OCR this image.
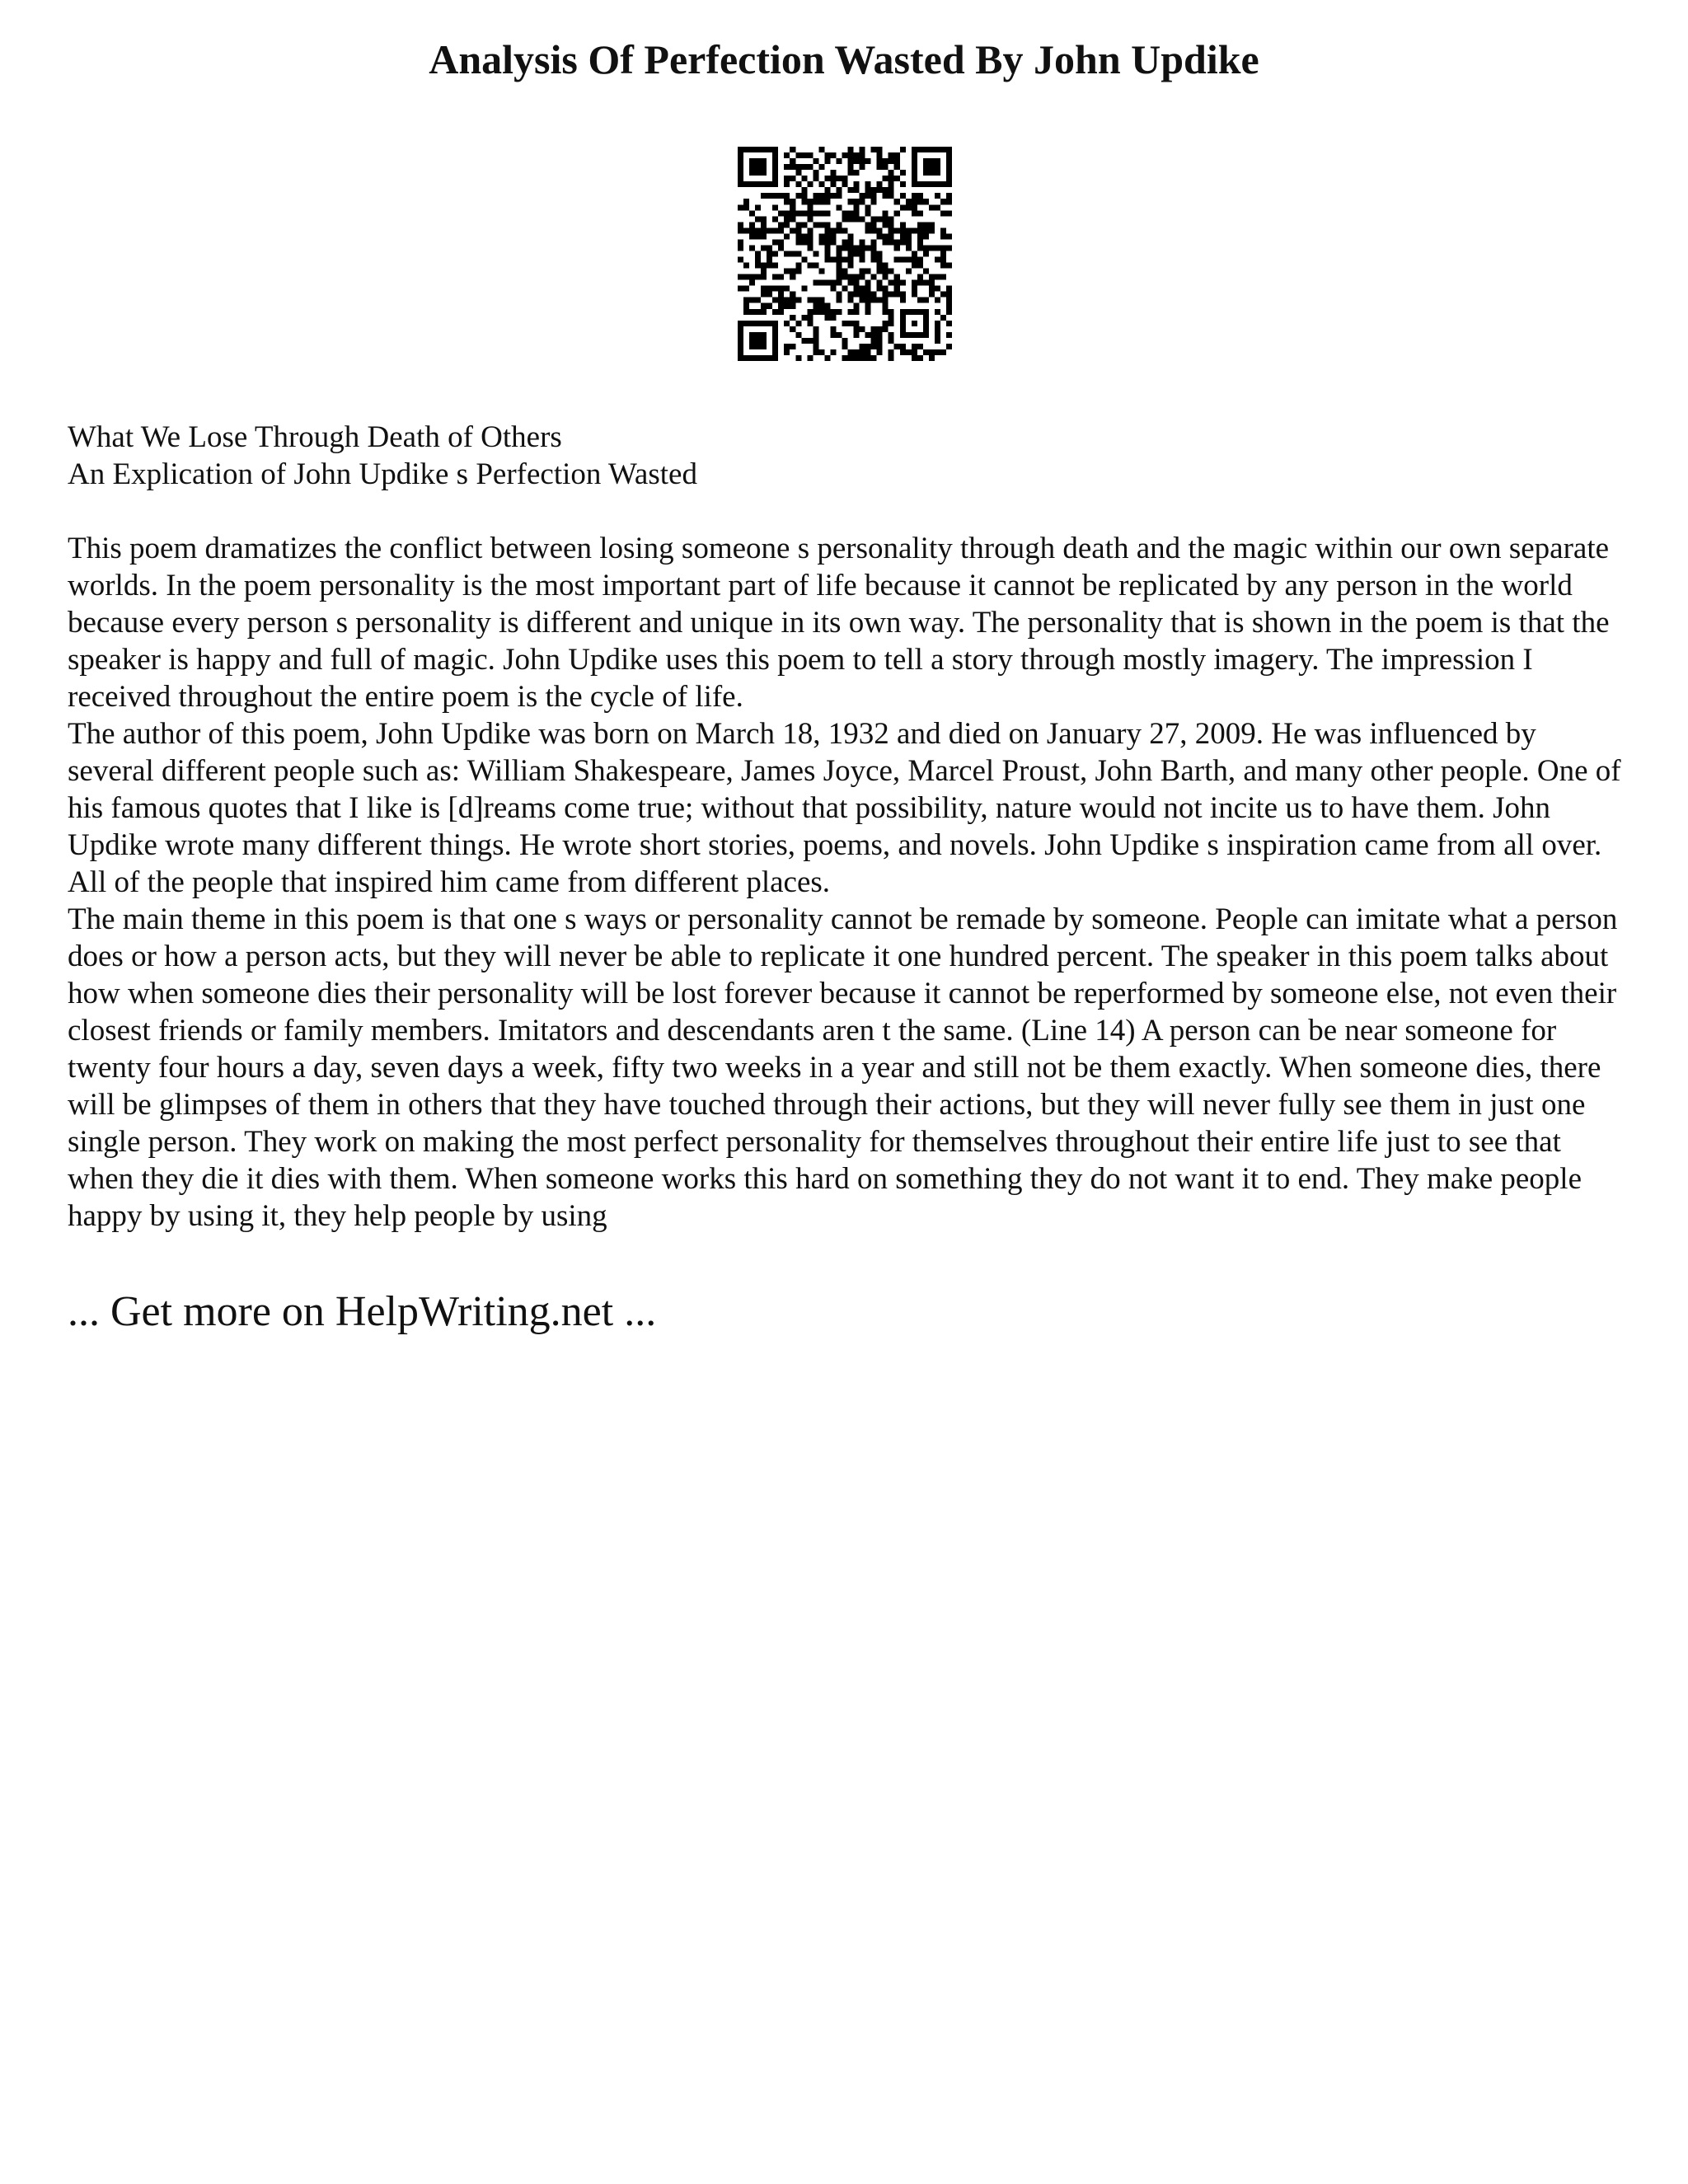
Analysis Of Perfection Wasted By John Updike
What We Lose Through Death of Others
An Explication of John Updike s Perfection Wasted

This poem dramatizes the conflict between losing someone s personality through death and the magic within our own separate worlds. In the poem personality is the most important part of life because it cannot be replicated by any person in the world because every person s personality is different and unique in its own way. The personality that is shown in the poem is that the speaker is happy and full of magic. John Updike uses this poem to tell a story through mostly imagery. The impression I received throughout the entire poem is the cycle of life.

The author of this poem, John Updike was born on March 18, 1932 and died on January 27, 2009. He was influenced by several different people such as: William Shakespeare, James Joyce, Marcel Proust, John Barth, and many other people. One of his famous quotes that I like is [d]reams come true; without that possibility, nature would not incite us to have them. John Updike wrote many different things. He wrote short stories, poems, and novels. John Updike s inspiration came from all over. All of the people that inspired him came from different places.

The main theme in this poem is that one s ways or personality cannot be remade by someone. People can imitate what a person does or how a person acts, but they will never be able to replicate it one hundred percent. The speaker in this poem talks about how when someone dies their personality will be lost forever because it cannot be reperformed by someone else, not even their closest friends or family members. Imitators and descendants aren t the same. (Line 14) A person can be near someone for twenty four hours a day, seven days a week, fifty two weeks in a year and still not be them exactly. When someone dies, there will be glimpses of them in others that they have touched through their actions, but they will never fully see them in just one single person. They work on making the most perfect personality for themselves throughout their entire life just to see that when they die it dies with them. When someone works this hard on something they do not want it to end. They make people happy by using it, they help people by using

... Get more on HelpWriting.net ...
